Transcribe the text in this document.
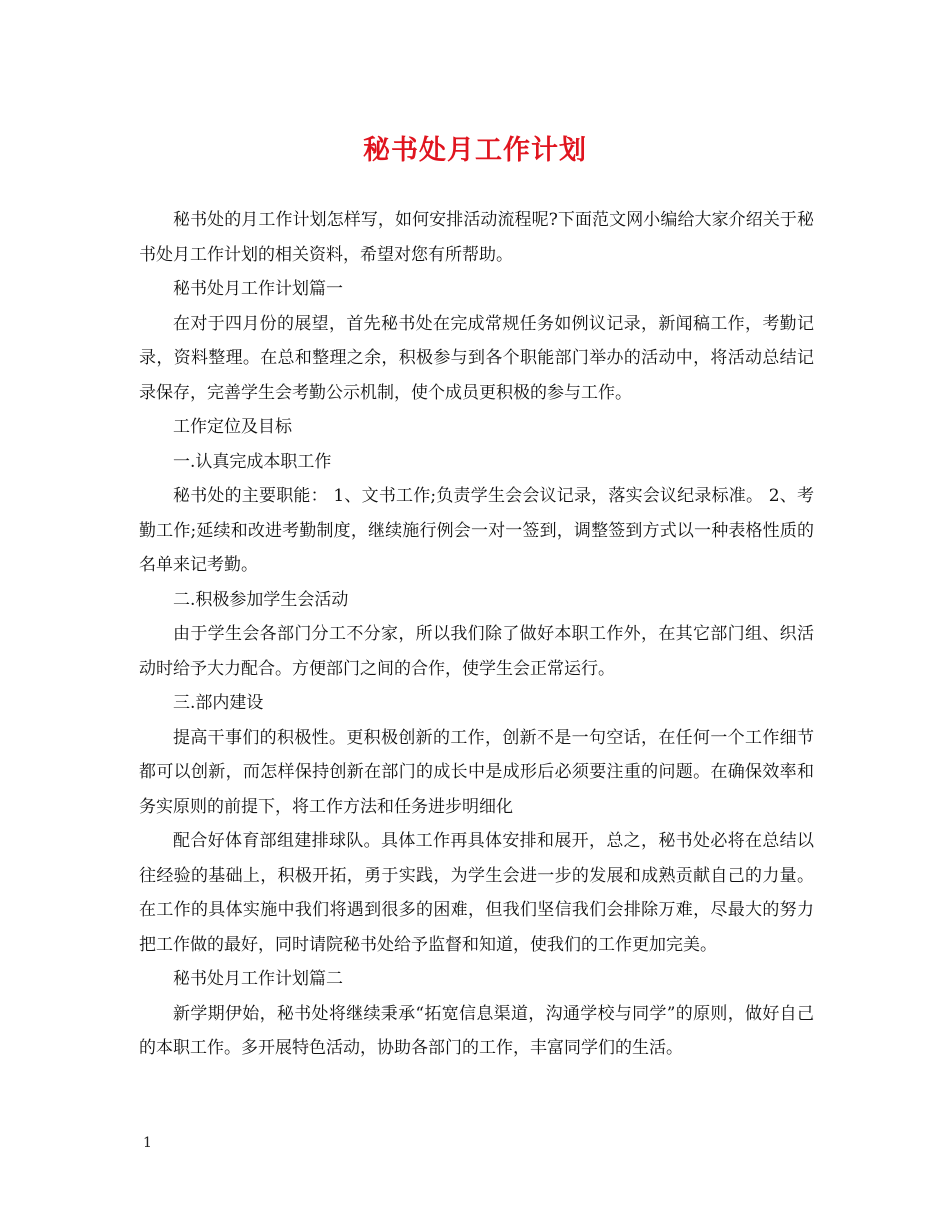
秘书处月工作计划

秘书处的月工作计划怎样写，如何安排活动流程呢?下面范文网小编给大家介绍关于秘书处月工作计划的相关资料，希望对您有所帮助。

秘书处月工作计划篇一

在对于四月份的展望，首先秘书处在完成常规任务如例议记录，新闻稿工作，考勤记录，资料整理。在总和整理之余，积极参与到各个职能部门举办的活动中，将活动总结记录保存，完善学生会考勤公示机制，使个成员更积极的参与工作。

工作定位及目标

一.认真完成本职工作

秘书处的主要职能： 1、文书工作;负责学生会会议记录，落实会议纪录标准。 2、考勤工作;延续和改进考勤制度，继续施行例会一对一签到，调整签到方式以一种表格性质的名单来记考勤。

二.积极参加学生会活动

由于学生会各部门分工不分家，所以我们除了做好本职工作外，在其它部门组、织活动时给予大力配合。方便部门之间的合作，使学生会正常运行。

三.部内建设

提高干事们的积极性。更积极创新的工作，创新不是一句空话，在任何一个工作细节都可以创新，而怎样保持创新在部门的成长中是成形后必须要注重的问题。在确保效率和务实原则的前提下，将工作方法和任务进步明细化

配合好体育部组建排球队。具体工作再具体安排和展开，总之，秘书处必将在总结以往经验的基础上，积极开拓，勇于实践，为学生会进一步的发展和成熟贡献自己的力量。在工作的具体实施中我们将遇到很多的困难，但我们坚信我们会排除万难，尽最大的努力把工作做的最好，同时请院秘书处给予监督和知道，使我们的工作更加完美。

秘书处月工作计划篇二

新学期伊始，秘书处将继续秉承“拓宽信息渠道，沟通学校与同学”的原则，做好自己的本职工作。多开展特色活动，协助各部门的工作，丰富同学们的生活。

1
